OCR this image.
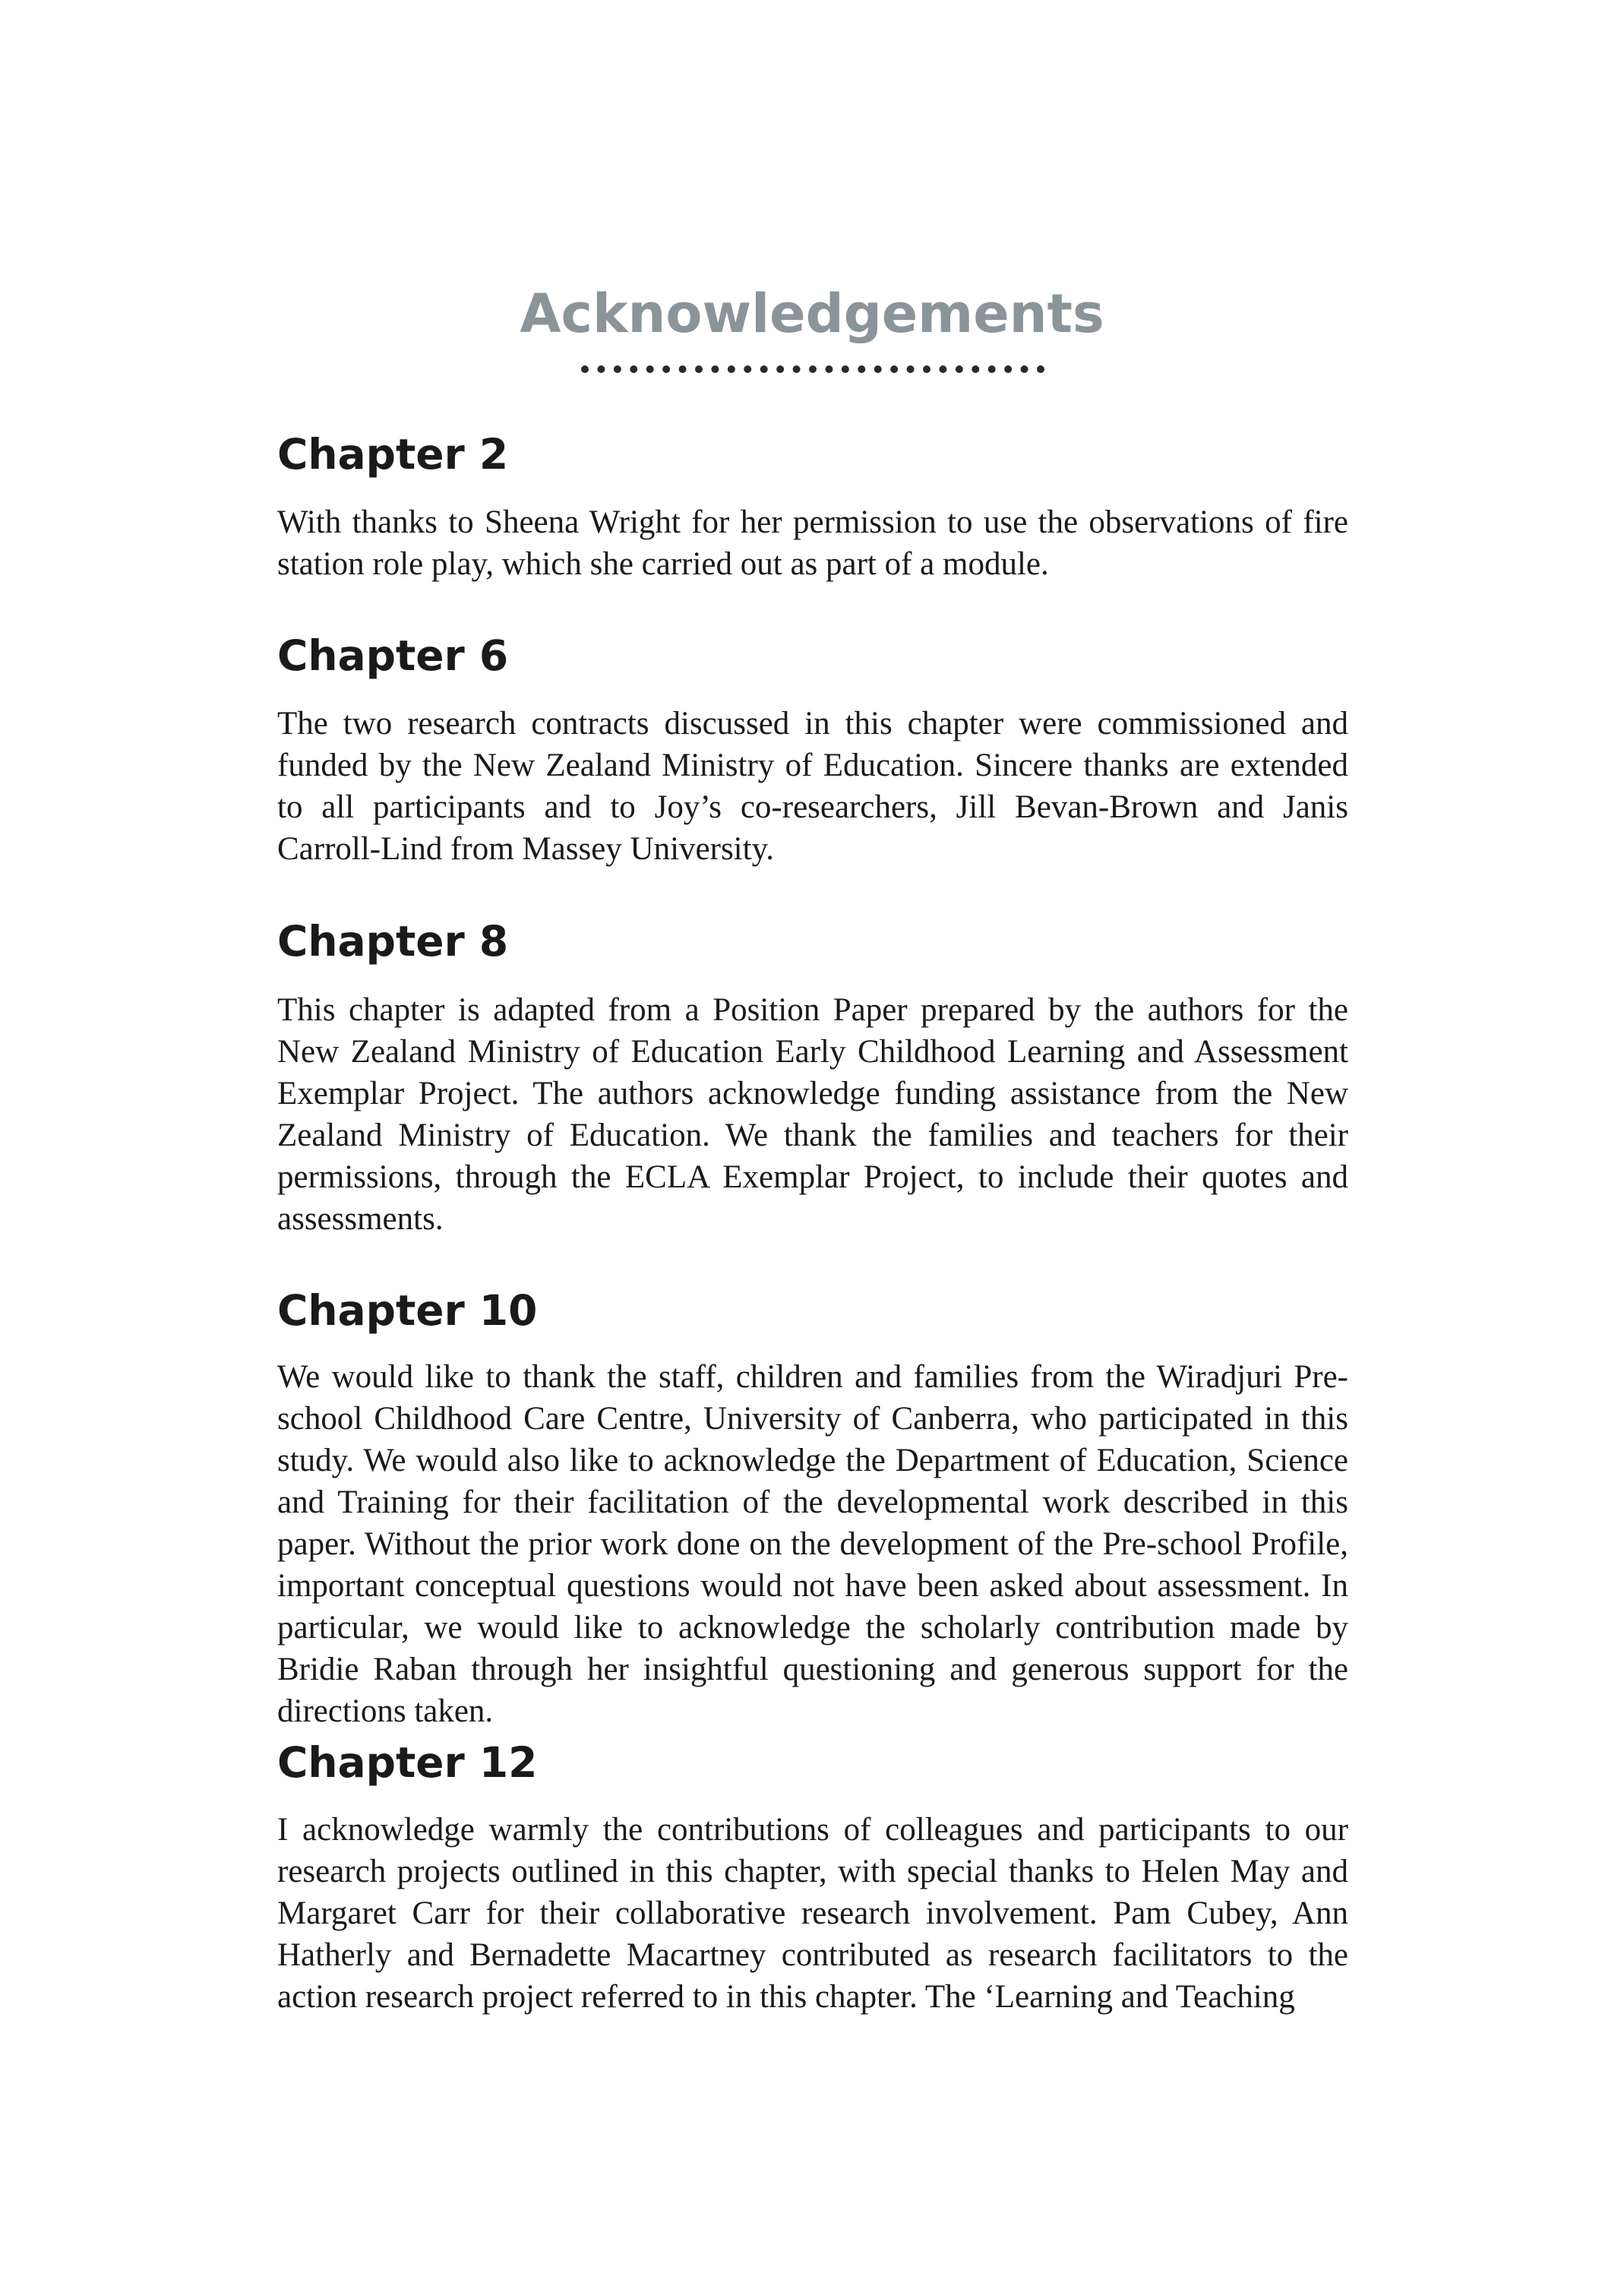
Acknowledgements
Chapter 2

With thanks to Sheena Wright for her permission to use the observations of fire station role play, which she carried out as part of a module.

Chapter 6

The two research contracts discussed in this chapter were commissioned and funded by the New Zealand Ministry of Education. Sincere thanks are extended to all participants and to Joy’s co-researchers, Jill Bevan-Brown and Janis Carroll-Lind from Massey University.

Chapter 8

This chapter is adapted from a Position Paper prepared by the authors for the New Zealand Ministry of Education Early Childhood Learning and Assessment Exemplar Project. The authors acknowledge funding assistance from the New Zealand Ministry of Education. We thank the families and teachers for their permissions, through the ECLA Exemplar Project, to include their quotes and assessments.

Chapter 10

We would like to thank the staff, children and families from the Wiradjuri Pre-school Childhood Care Centre, University of Canberra, who participated in this study. We would also like to acknowledge the Department of Education, Science and Training for their facilitation of the developmental work described in this paper. Without the prior work done on the development of the Pre-school Profile, important conceptual questions would not have been asked about assessment. In particular, we would like to acknowledge the scholarly contribution made by Bridie Raban through her insightful questioning and generous support for the directions taken.

Chapter 12

I acknowledge warmly the contributions of colleagues and participants to our research projects outlined in this chapter, with special thanks to Helen May and Margaret Carr for their collaborative research involvement. Pam Cubey, Ann Hatherly and Bernadette Macartney contributed as research facilitators to the action research project referred to in this chapter. The ‘Learning and Teaching
